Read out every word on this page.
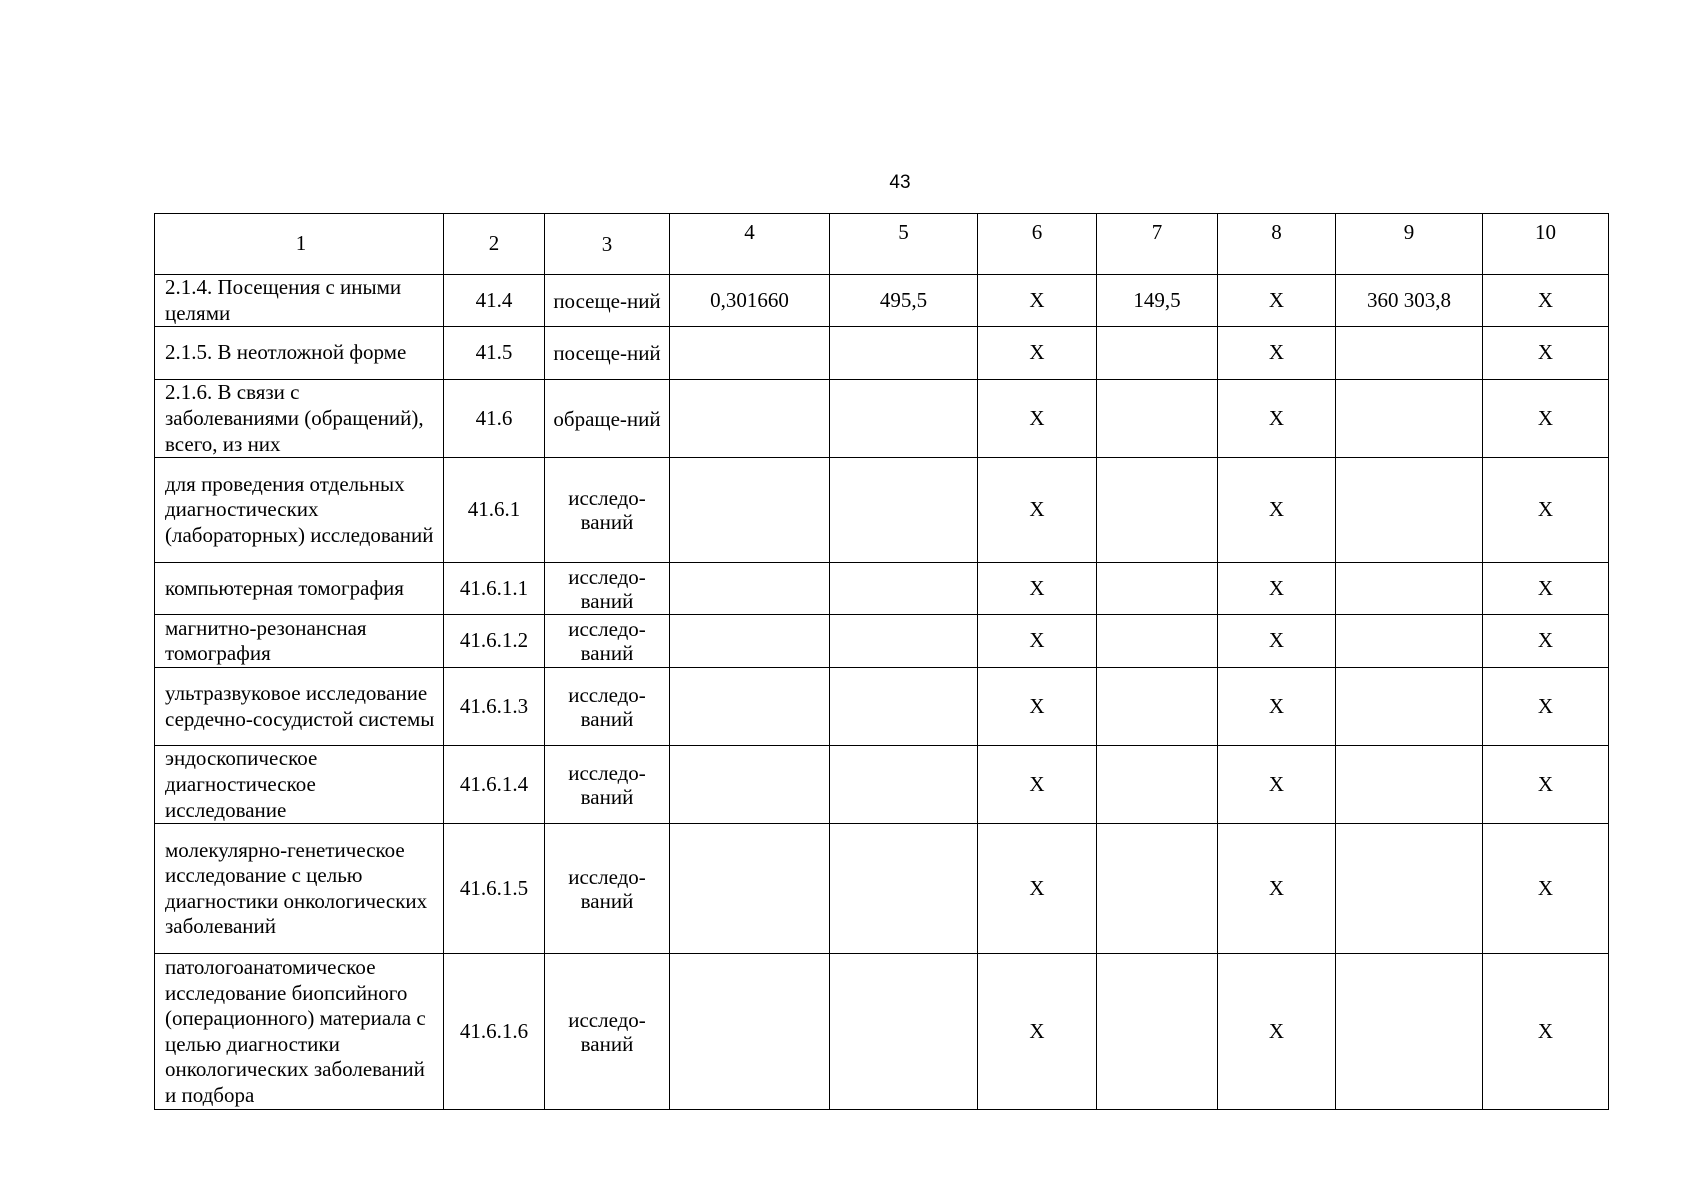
43
1	2	3	4	5	6	7	8	9	10
2.1.4. Посещения с иными целями	41.4	посеще-ний	0,301660	495,5	Х	149,5	Х	360 303,8	Х
2.1.5. В неотложной форме	41.5	посеще-ний			Х		Х		Х
2.1.6. В связи с заболеваниями (обращений), всего, из них	41.6	обраще-ний			Х		Х		Х
для проведения отдельных диагностических (лабораторных) исследований	41.6.1	исследо-ваний			Х		Х		Х
компьютерная томография	41.6.1.1	исследо-ваний			Х		Х		Х
магнитно-резонансная томография	41.6.1.2	исследо-ваний			Х		Х		Х
ультразвуковое исследование сердечно-сосудистой системы	41.6.1.3	исследо-ваний			Х		Х		Х
эндоскопическое диагностическое исследование	41.6.1.4	исследо-ваний			Х		Х		Х
молекулярно-генетическое исследование с целью диагностики онкологических заболеваний	41.6.1.5	исследо-ваний			Х		Х		Х
патологоанатомическое исследование биопсийного (операционного) материала с целью диагностики онкологических заболеваний и подбора	41.6.1.6	исследо-ваний			Х		Х		Х
